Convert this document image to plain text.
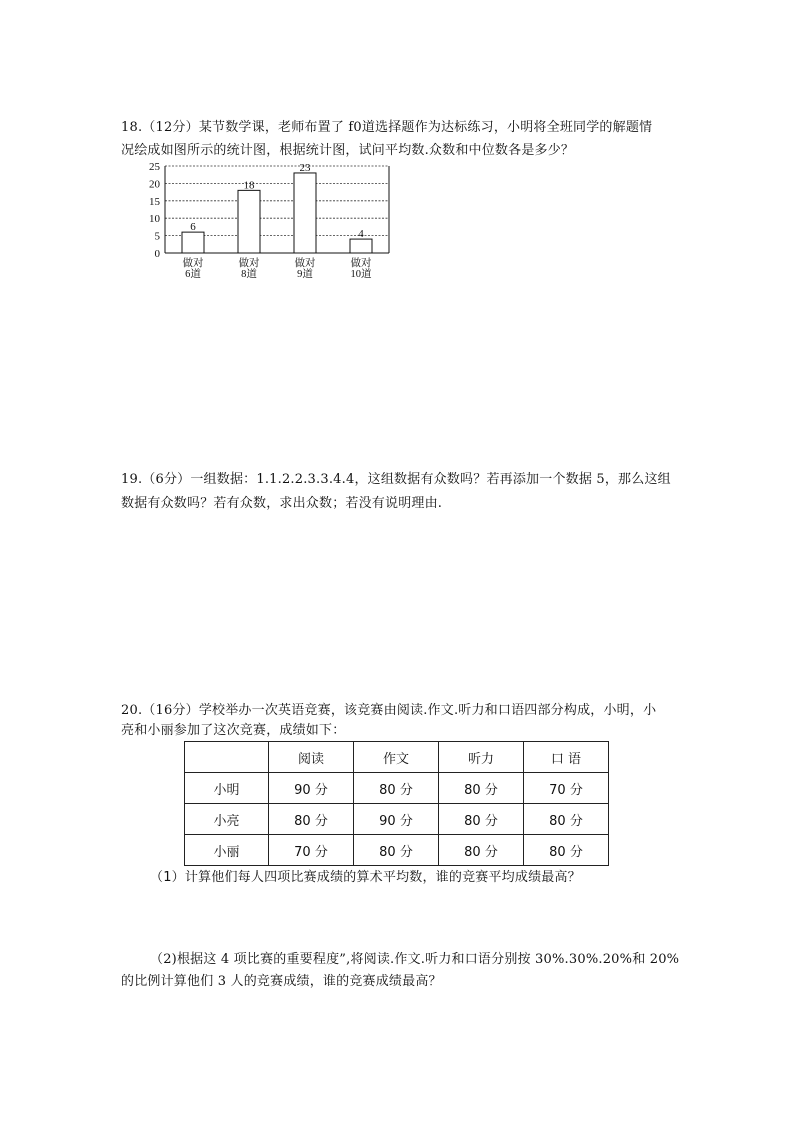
18.（12分）某节数学课，老师布置了 f0道选择题作为达标练习，小明将全班同学的解题情
况绘成如图所示的统计图，根据统计图，试问平均数.众数和中位数各是多少？
0
5
10
15
20
25
6
做对
6道
18
做对
8道
23
做对
9道
4
做对
10道
19.（6分）一组数据：1.1.2.2.3.3.4.4，这组数据有众数吗？若再添加一个数据 5，那么这组
数据有众数吗？若有众数，求出众数；若没有说明理由.
20.（16分）学校举办一次英语竞赛，该竞赛由阅读.作文.听力和口语四部分构成，小明，小
亮和小丽参加了这次竞赛，成绩如下：
	阅读	作文	听力	口 语
小明	90 分	80 分	80 分	70 分
小亮	80 分	90 分	80 分	80 分
小丽	70 分	80 分	80 分	80 分
（1）计算他们每人四项比赛成绩的算术平均数，谁的竞赛平均成绩最高？
（2)根据这 4 项比赛的重要程度”,将阅读.作文.听力和口语分别按 30%.30%.20%和 20%
的比例计算他们 3 人的竞赛成绩，谁的竞赛成绩最高？
